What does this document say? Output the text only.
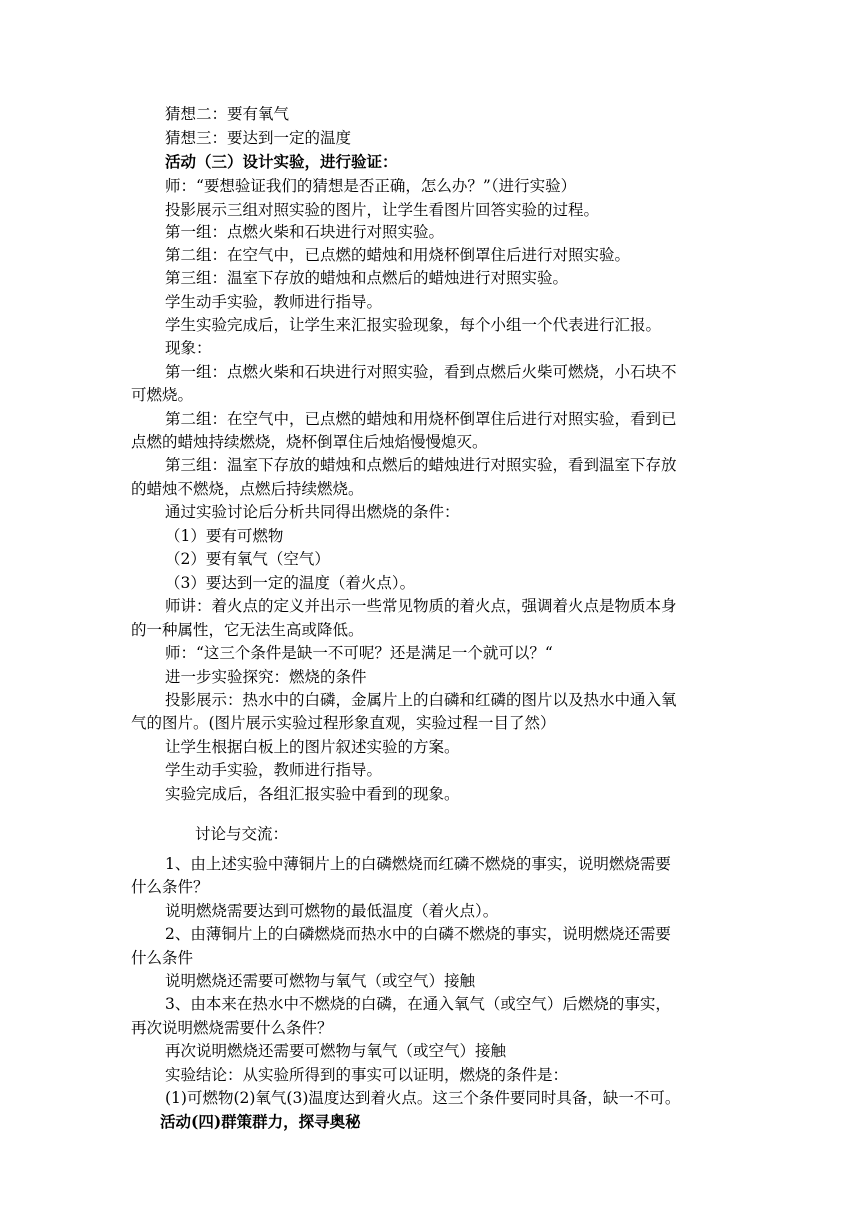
猜想二：要有氧气
猜想三：要达到一定的温度
活动（三）设计实验，进行验证：
师：“要想验证我们的猜想是否正确，怎么办？”（进行实验）
投影展示三组对照实验的图片，让学生看图片回答实验的过程。
第一组：点燃火柴和石块进行对照实验。
第二组：在空气中，已点燃的蜡烛和用烧杯倒罩住后进行对照实验。
第三组：温室下存放的蜡烛和点燃后的蜡烛进行对照实验。
学生动手实验，教师进行指导。
学生实验完成后，让学生来汇报实验现象，每个小组一个代表进行汇报。
现象：
第一组：点燃火柴和石块进行对照实验，看到点燃后火柴可燃烧，小石块不
可燃烧。
第二组：在空气中，已点燃的蜡烛和用烧杯倒罩住后进行对照实验，看到已
点燃的蜡烛持续燃烧，烧杯倒罩住后烛焰慢慢熄灭。
第三组：温室下存放的蜡烛和点燃后的蜡烛进行对照实验，看到温室下存放
的蜡烛不燃烧，点燃后持续燃烧。
通过实验讨论后分析共同得出燃烧的条件：
（1）要有可燃物
（2）要有氧气（空气）
（3）要达到一定的温度（着火点）。
师讲：着火点的定义并出示一些常见物质的着火点，强调着火点是物质本身
的一种属性，它无法生高或降低。
师：“这三个条件是缺一不可呢？还是满足一个就可以？“
进一步实验探究：燃烧的条件
投影展示：热水中的白磷，金属片上的白磷和红磷的图片以及热水中通入氧
气的图片。(图片展示实验过程形象直观，实验过程一目了然）
让学生根据白板上的图片叙述实验的方案。
学生动手实验，教师进行指导。
实验完成后，各组汇报实验中看到的现象。
讨论与交流：
1、由上述实验中薄铜片上的白磷燃烧而红磷不燃烧的事实，说明燃烧需要
什么条件？
说明燃烧需要达到可燃物的最低温度（着火点）。
2、由薄铜片上的白磷燃烧而热水中的白磷不燃烧的事实，说明燃烧还需要
什么条件
说明燃烧还需要可燃物与氧气（或空气）接触
3、由本来在热水中不燃烧的白磷，在通入氧气（或空气）后燃烧的事实，
再次说明燃烧需要什么条件？
再次说明燃烧还需要可燃物与氧气（或空气）接触
实验结论：从实验所得到的事实可以证明，燃烧的条件是：
(1)可燃物(2)氧气(3)温度达到着火点。这三个条件要同时具备，缺一不可。
活动(四)群策群力，探寻奥秘
